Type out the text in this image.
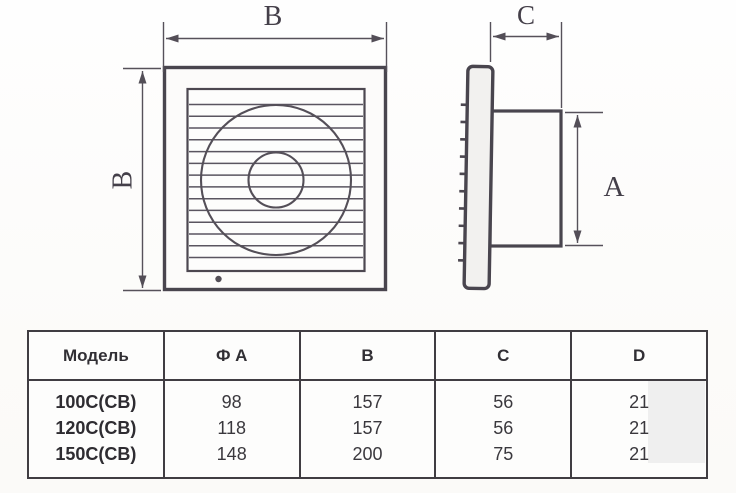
B
B
C
A
Модель	Ф A	B	C	D
100С(СВ)	98	157	56	21
120С(СВ)	118	157	56	21
150С(СВ)	148	200	75	21
